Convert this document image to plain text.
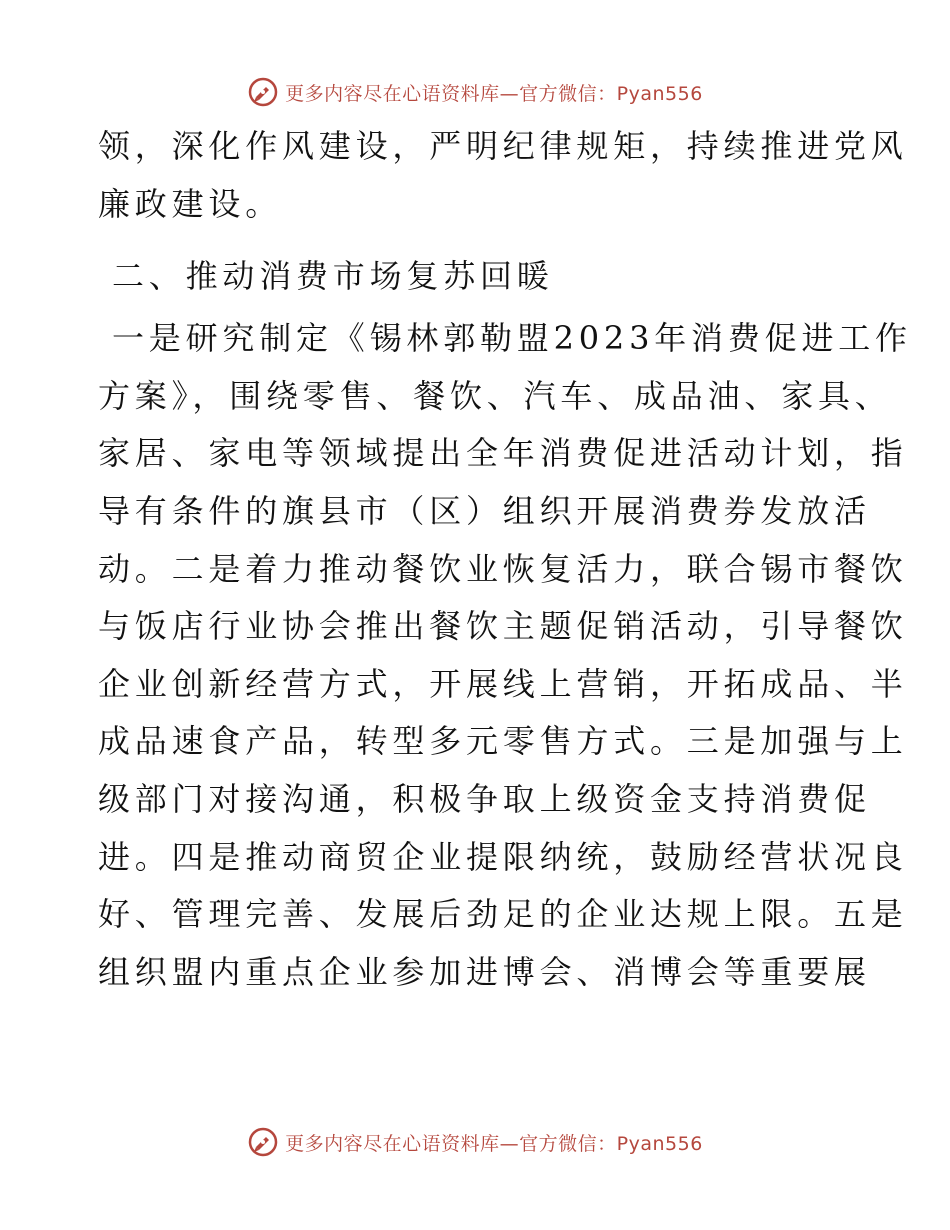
更多内容尽在心语资料库—官方微信：Pyan556
领，深化作风建设，严明纪律规矩，持续推进党风
廉政建设。
二、推动消费市场复苏回暖
一是研究制定《锡林郭勒盟2023年消费促进工作
方案》，围绕零售、餐饮、汽车、成品油、家具、
家居、家电等领域提出全年消费促进活动计划，指
导有条件的旗县市（区）组织开展消费券发放活
动。二是着力推动餐饮业恢复活力，联合锡市餐饮
与饭店行业协会推出餐饮主题促销活动，引导餐饮
企业创新经营方式，开展线上营销，开拓成品、半
成品速食产品，转型多元零售方式。三是加强与上
级部门对接沟通，积极争取上级资金支持消费促
进。四是推动商贸企业提限纳统，鼓励经营状况良
好、管理完善、发展后劲足的企业达规上限。五是
组织盟内重点企业参加进博会、消博会等重要展
更多内容尽在心语资料库—官方微信：Pyan556
